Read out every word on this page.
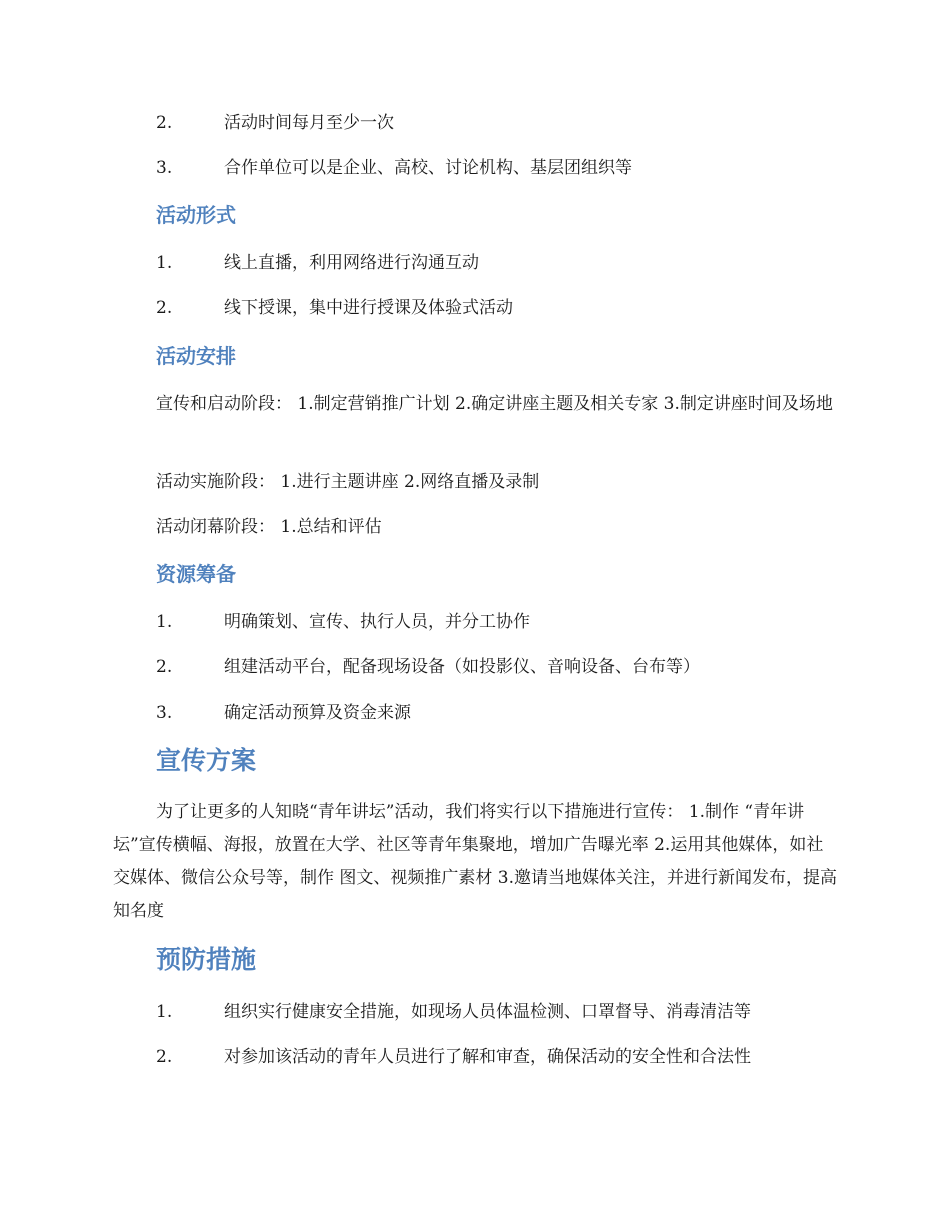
2.	活动时间每月至少一次
3.	合作单位可以是企业、高校、讨论机构、基层团组织等
活动形式
1.	线上直播，利用网络进行沟通互动
2.	线下授课，集中进行授课及体验式活动
活动安排
宣传和启动阶段： 1.制定营销推广计划 2.确定讲座主题及相关专家 3.制定讲座时间及场地
活动实施阶段： 1.进行主题讲座 2.网络直播及录制
活动闭幕阶段： 1.总结和评估
资源筹备
1.	明确策划、宣传、执行人员，并分工协作
2.	组建活动平台，配备现场设备（如投影仪、音响设备、台布等）
3.	确定活动预算及资金来源
宣传方案
为了让更多的人知晓“青年讲坛”活动，我们将实行以下措施进行宣传： 1.制作 “青年讲坛”宣传横幅、海报，放置在大学、社区等青年集聚地，增加广告曝光率 2.运用其他媒体，如社交媒体、微信公众号等，制作 图文、视频推广素材 3.邀请当地媒体关注，并进行新闻发布，提高知名度
预防措施
1.	组织实行健康安全措施，如现场人员体温检测、口罩督导、消毒清洁等
2.	对参加该活动的青年人员进行了解和审查，确保活动的安全性和合法性
